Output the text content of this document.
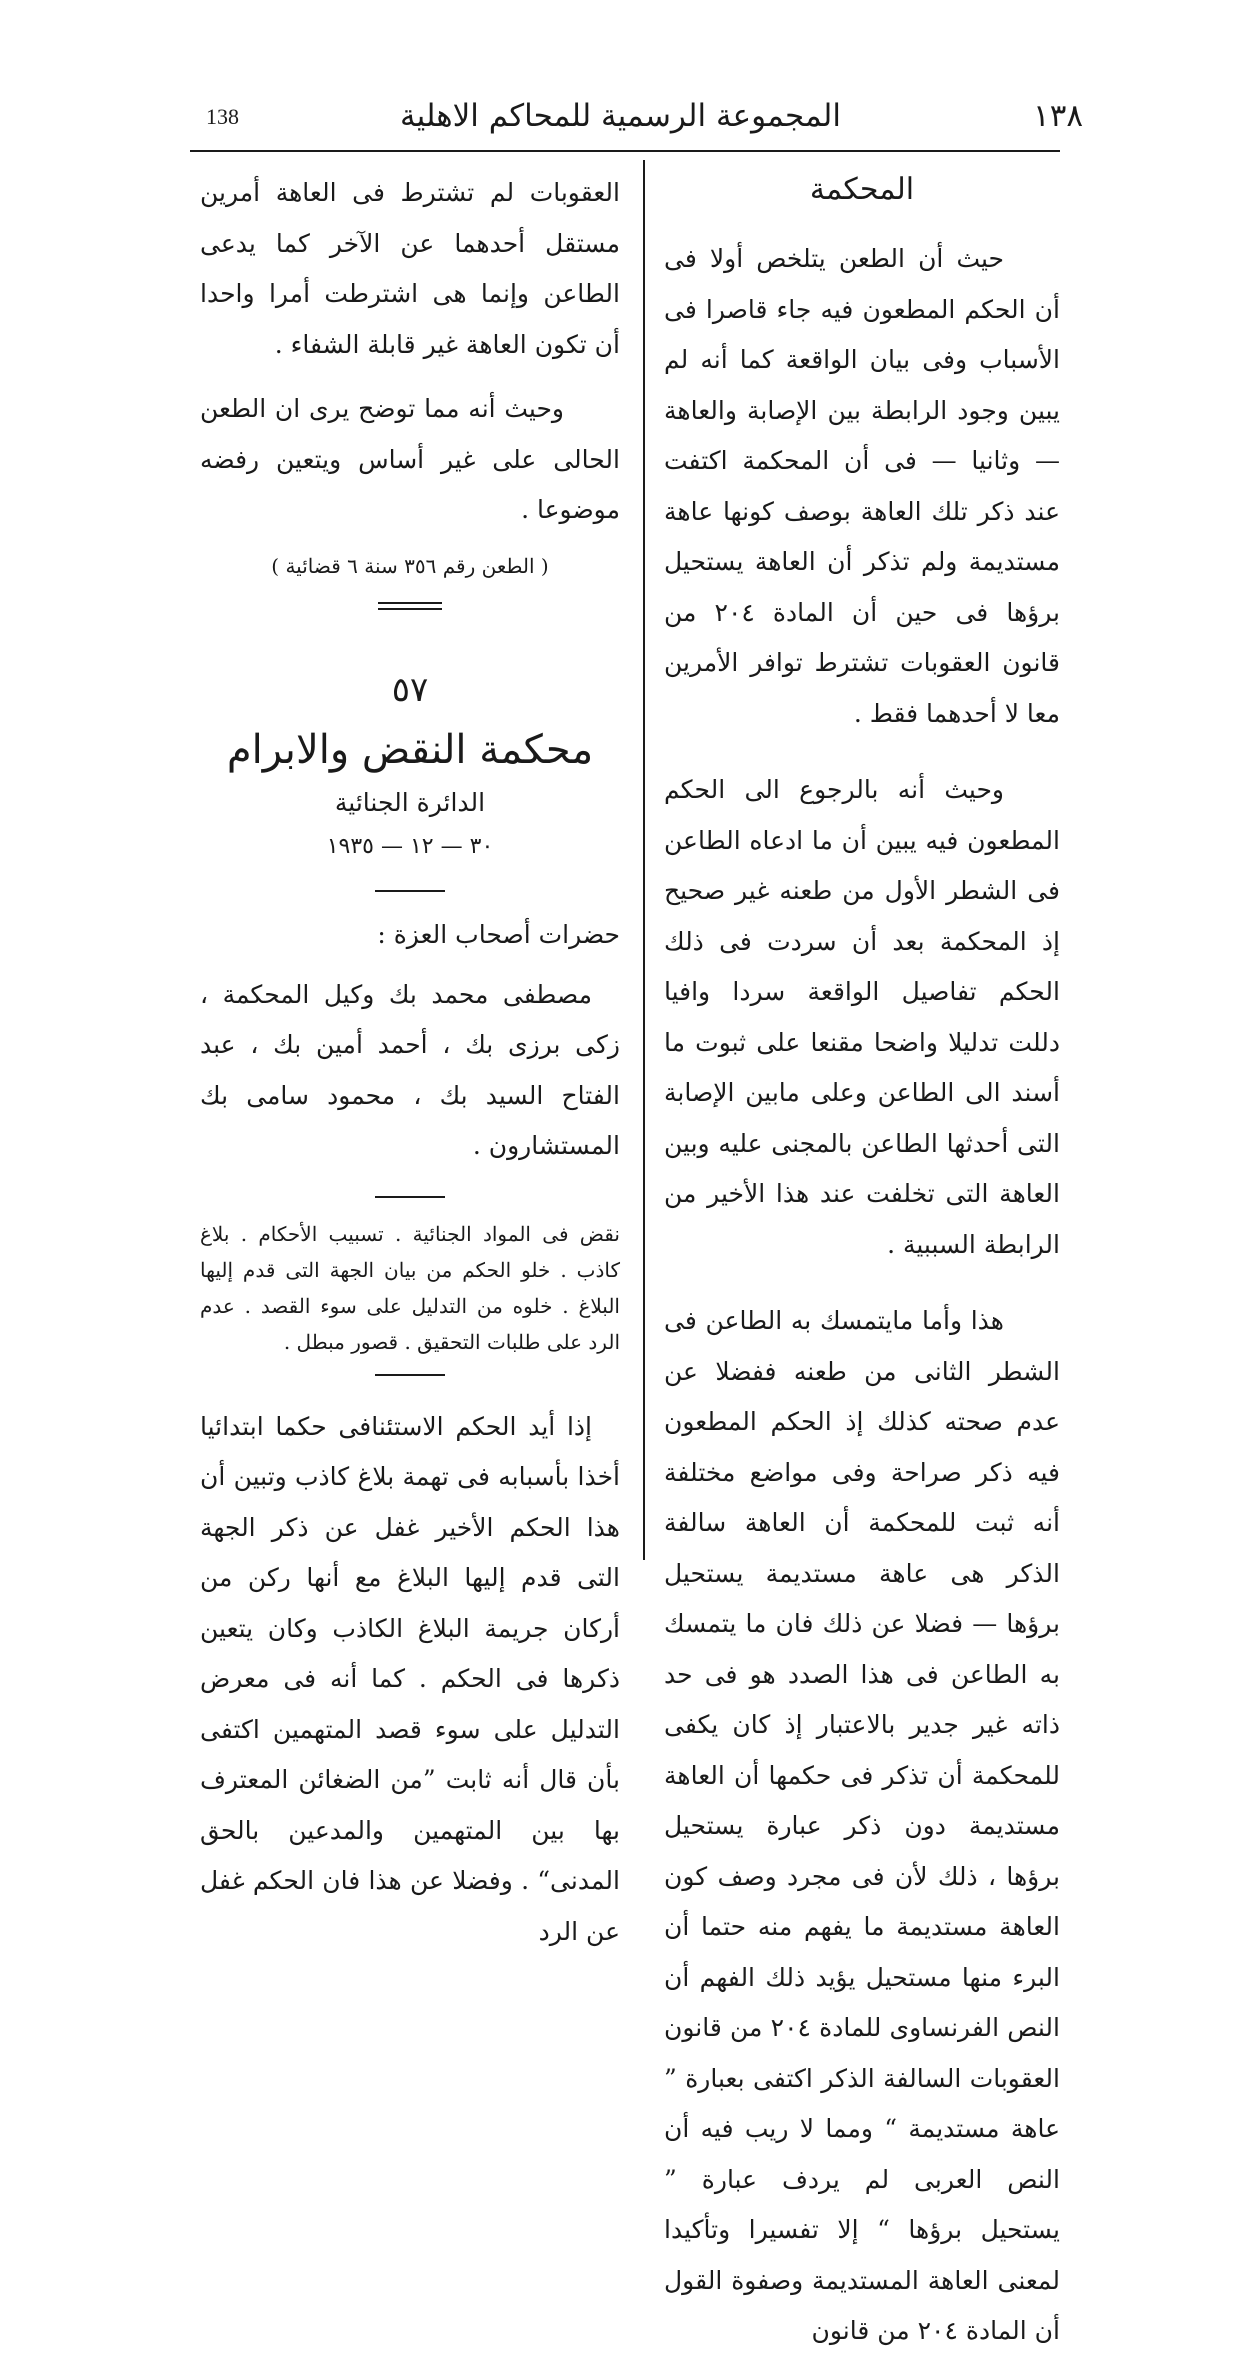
١٣٨
المجموعة الرسمية للمحاكم الاهلية
138
المحكمة

حيث أن الطعن يتلخص أولا فى أن الحكم المطعون فيه جاء قاصرا فى الأسباب وفى بيان الواقعة كما أنه لم يبين وجود الرابطة بين الإصابة والعاهة — وثانيا — فى أن المحكمة اكتفت عند ذكر تلك العاهة بوصف كونها عاهة مستديمة ولم تذكر أن العاهة يستحيل برؤها فى حين أن المادة ٢٠٤ من قانون العقوبات تشترط توافر الأمرين معا لا أحدهما فقط .

وحيث أنه بالرجوع الى الحكم المطعون فيه يبين أن ما ادعاه الطاعن فى الشطر الأول من طعنه غير صحيح إذ المحكمة بعد أن سردت فى ذلك الحكم تفاصيل الواقعة سردا وافيا دللت تدليلا واضحا مقنعا على ثبوت ما أسند الى الطاعن وعلى مابين الإصابة التى أحدثها الطاعن بالمجنى عليه وبين العاهة التى تخلفت عند هذا الأخير من الرابطة السببية .

هذا وأما مايتمسك به الطاعن فى الشطر الثانى من طعنه ففضلا عن عدم صحته كذلك إذ الحكم المطعون فيه ذكر صراحة وفى مواضع مختلفة أنه ثبت للمحكمة أن العاهة سالفة الذكر هى عاهة مستديمة يستحيل برؤها — فضلا عن ذلك فان ما يتمسك به الطاعن فى هذا الصدد هو فى حد ذاته غير جدير بالاعتبار إذ كان يكفى للمحكمة أن تذكر فى حكمها أن العاهة مستديمة دون ذكر عبارة يستحيل برؤها ، ذلك لأن فى مجرد وصف كون العاهة مستديمة ما يفهم منه حتما أن البرء منها مستحيل يؤيد ذلك الفهم أن النص الفرنساوى للمادة ٢٠٤ من قانون العقوبات السالفة الذكر اكتفى بعبارة ” عاهة مستديمة “ ومما لا ريب فيه أن النص العربى لم يردف عبارة ” يستحيل برؤها “ إلا تفسيرا وتأكيدا لمعنى العاهة المستديمة وصفوة القول أن المادة ٢٠٤ من قانون

العقوبات لم تشترط فى العاهة أمرين مستقل أحدهما عن الآخر كما يدعى الطاعن وإنما هى اشترطت أمرا واحدا أن تكون العاهة غير قابلة الشفاء .

وحيث أنه مما توضح يرى ان الطعن الحالى على غير أساس ويتعين رفضه موضوعا .

( الطعن رقم ٣٥٦ سنة ٦ قضائية )
٥٧
محكمة النقض والابرام
الدائرة الجنائية
٣٠ — ١٢ — ١٩٣٥
حضرات أصحاب العزة :

مصطفى محمد بك وكيل المحكمة ، زكى برزى بك ، أحمد أمين بك ، عبد الفتاح السيد بك ، محمود سامى بك المستشارون .

نقض فى المواد الجنائية . تسبيب الأحكام . بلاغ كاذب . خلو الحكم من بيان الجهة التى قدم إليها البلاغ . خلوه من التدليل على سوء القصد . عدم الرد على طلبات التحقيق . قصور مبطل .

إذا أيد الحكم الاستئنافى حكما ابتدائيا أخذا بأسبابه فى تهمة بلاغ كاذب وتبين أن هذا الحكم الأخير غفل عن ذكر الجهة التى قدم إليها البلاغ مع أنها ركن من أركان جريمة البلاغ الكاذب وكان يتعين ذكرها فى الحكم . كما أنه فى معرض التدليل على سوء قصد المتهمين اكتفى بأن قال أنه ثابت ”من الضغائن المعترف بها بين المتهمين والمدعين بالحق المدنى“ . وفضلا عن هذا فان الحكم غفل عن الرد
